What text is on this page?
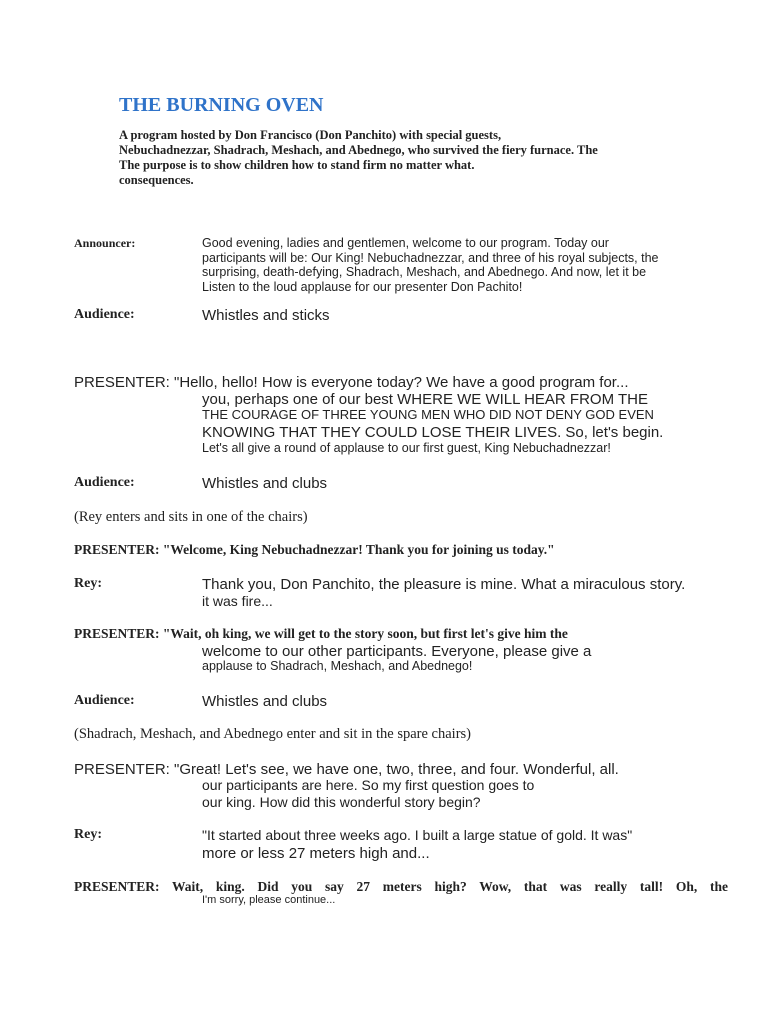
THE BURNING OVEN
A program hosted by Don Francisco (Don Panchito) with special guests,
Nebuchadnezzar, Shadrach, Meshach, and Abednego, who survived the fiery furnace. The
The purpose is to show children how to stand firm no matter what.
consequences.
Announcer:	Good evening, ladies and gentlemen, welcome to our program. Today our
participants will be: Our King! Nebuchadnezzar, and three of his royal subjects, the
surprising, death-defying, Shadrach, Meshach, and Abednego. And now, let it be
Listen to the loud applause for our presenter Don Pachito!
Audience:	Whistles and sticks
PRESENTER: "Hello, hello! How is everyone today? We have a good program for...
you, perhaps one of our best WHERE WE WILL HEAR FROM THE
THE COURAGE OF THREE YOUNG MEN WHO DID NOT DENY GOD EVEN
KNOWING THAT THEY COULD LOSE THEIR LIVES. So, let's begin.
Let's all give a round of applause to our first guest, King Nebuchadnezzar!
Audience:	Whistles and clubs
(Rey enters and sits in one of the chairs)
PRESENTER: "Welcome, King Nebuchadnezzar! Thank you for joining us today."
Rey:	Thank you, Don Panchito, the pleasure is mine. What a miraculous story.
it was fire...
PRESENTER: "Wait, oh king, we will get to the story soon, but first let's give him the
welcome to our other participants. Everyone, please give a
applause to Shadrach, Meshach, and Abednego!
Audience:	Whistles and clubs
(Shadrach, Meshach, and Abednego enter and sit in the spare chairs)
PRESENTER: "Great! Let's see, we have one, two, three, and four. Wonderful, all.
our participants are here. So my first question goes to
our king. How did this wonderful story begin?
Rey:	"It started about three weeks ago. I built a large statue of gold. It was"
more or less 27 meters high and...
PRESENTER: Wait, king. Did you say 27 meters high? Wow, that was really tall! Oh, the
I'm sorry, please continue...
